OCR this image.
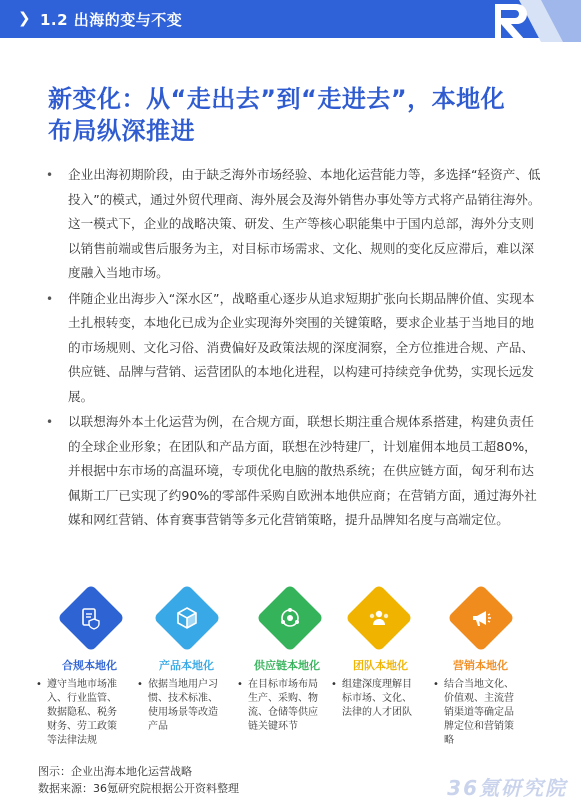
❯ 1.2 出海的变与不变
新变化：从“走出去”到“走进去”，本地化
布局纵深推进
• 企业出海初期阶段，由于缺乏海外市场经验、本地化运营能力等，多选择“轻资产、低投入”的模式，通过外贸代理商、海外展会及海外销售办事处等方式将产品销往海外。这一模式下，企业的战略决策、研发、生产等核心职能集中于国内总部，海外分支则以销售前端或售后服务为主，对目标市场需求、文化、规则的变化反应滞后，难以深度融入当地市场。
• 伴随企业出海步入“深水区”，战略重心逐步从追求短期扩张向长期品牌价值、实现本土扎根转变，本地化已成为企业实现海外突围的关键策略，要求企业基于当地目的地的市场规则、文化习俗、消费偏好及政策法规的深度洞察，全方位推进合规、产品、供应链、品牌与营销、运营团队的本地化进程，以构建可持续竞争优势，实现长远发展。
• 以联想海外本土化运营为例，在合规方面，联想长期注重合规体系搭建，构建负责任的全球企业形象；在团队和产品方面，联想在沙特建厂，计划雇佣本地员工超80%，并根据中东市场的高温环境，专项优化电脑的散热系统；在供应链方面，匈牙利布达佩斯工厂已实现了约90%的零部件采购自欧洲本地供应商；在营销方面，通过海外社媒和网红营销、体育赛事营销等多元化营销策略，提升品牌知名度与高端定位。
合规本地化	产品本地化	供应链本地化	团队本地化	营销本地化
• 遵守当地市场准入、行业监管、数据隐私、税务财务、劳工政策等法律法规
• 依据当地用户习惯、技术标准、使用场景等改造产品
• 在目标市场布局生产、采购、物流、仓储等供应链关键环节
• 组建深度理解目标市场、文化、法律的人才团队
• 结合当地文化、价值观、主流营销渠道等确定品牌定位和营销策略
图示：企业出海本地化运营战略
数据来源：36氪研究院根据公开资料整理	36氪研究院
